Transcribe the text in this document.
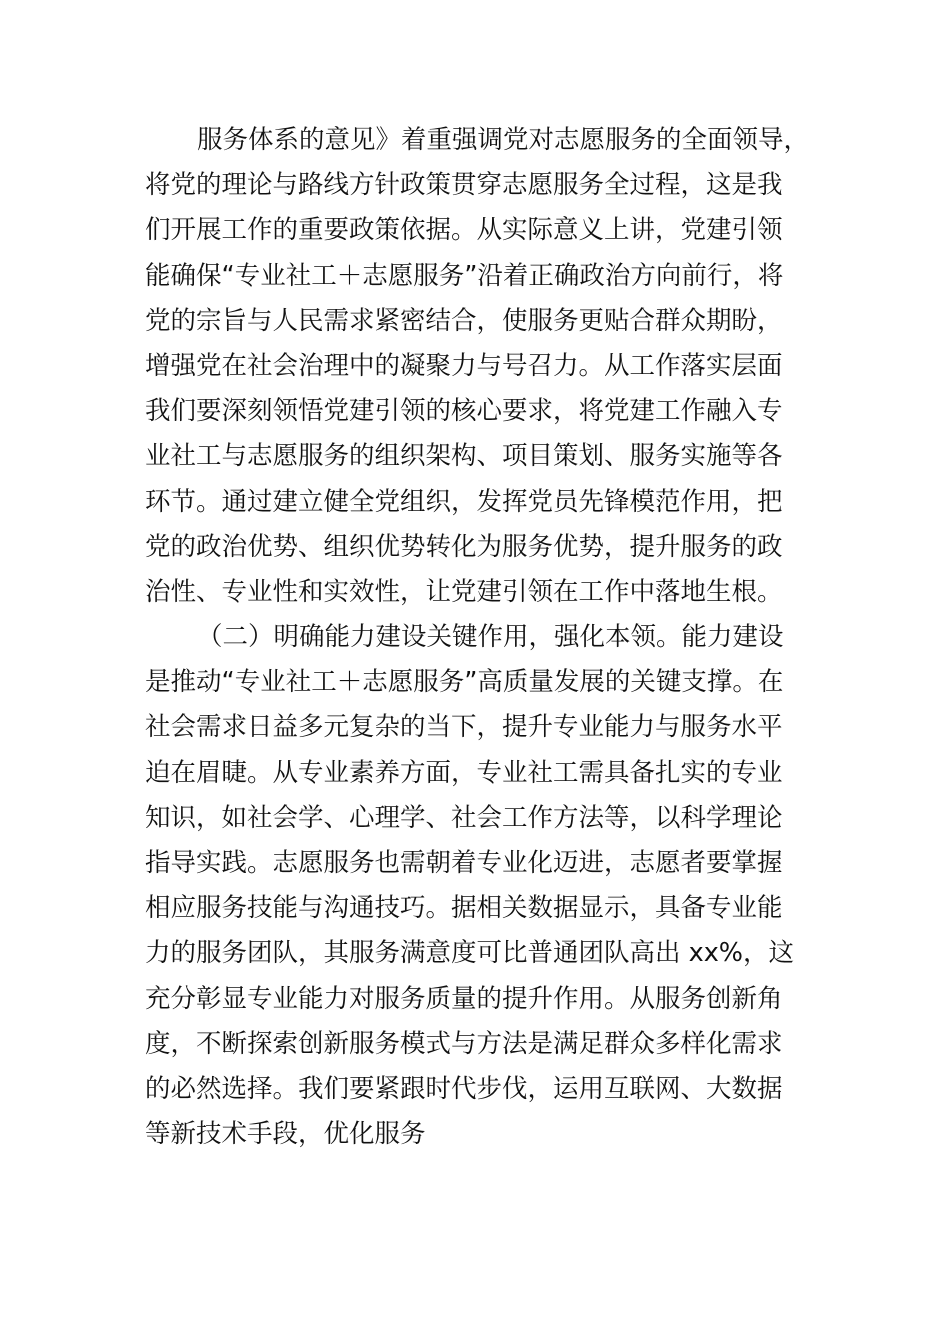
服务体系的意见》着重强调党对志愿服务的全面领导，
将党的理论与路线方针政策贯穿志愿服务全过程，这是我
们开展工作的重要政策依据。从实际意义上讲，党建引领
能确保“专业社工＋志愿服务”沿着正确政治方向前行，将
党的宗旨与人民需求紧密结合，使服务更贴合群众期盼，
增强党在社会治理中的凝聚力与号召力。从工作落实层面
我们要深刻领悟党建引领的核心要求，将党建工作融入专
业社工与志愿服务的组织架构、项目策划、服务实施等各
环节。通过建立健全党组织，发挥党员先锋模范作用，把
党的政治优势、组织优势转化为服务优势，提升服务的政
治性、专业性和实效性，让党建引领在工作中落地生根。
（二）明确能力建设关键作用，强化本领。能力建设
是推动“专业社工＋志愿服务”高质量发展的关键支撑。在
社会需求日益多元复杂的当下，提升专业能力与服务水平
迫在眉睫。从专业素养方面，专业社工需具备扎实的专业
知识，如社会学、心理学、社会工作方法等，以科学理论
指导实践。志愿服务也需朝着专业化迈进，志愿者要掌握
相应服务技能与沟通技巧。据相关数据显示，具备专业能
力的服务团队，其服务满意度可比普通团队高出 xx%，这
充分彰显专业能力对服务质量的提升作用。从服务创新角
度，不断探索创新服务模式与方法是满足群众多样化需求
的必然选择。我们要紧跟时代步伐，运用互联网、大数据
等新技术手段，优化服务
